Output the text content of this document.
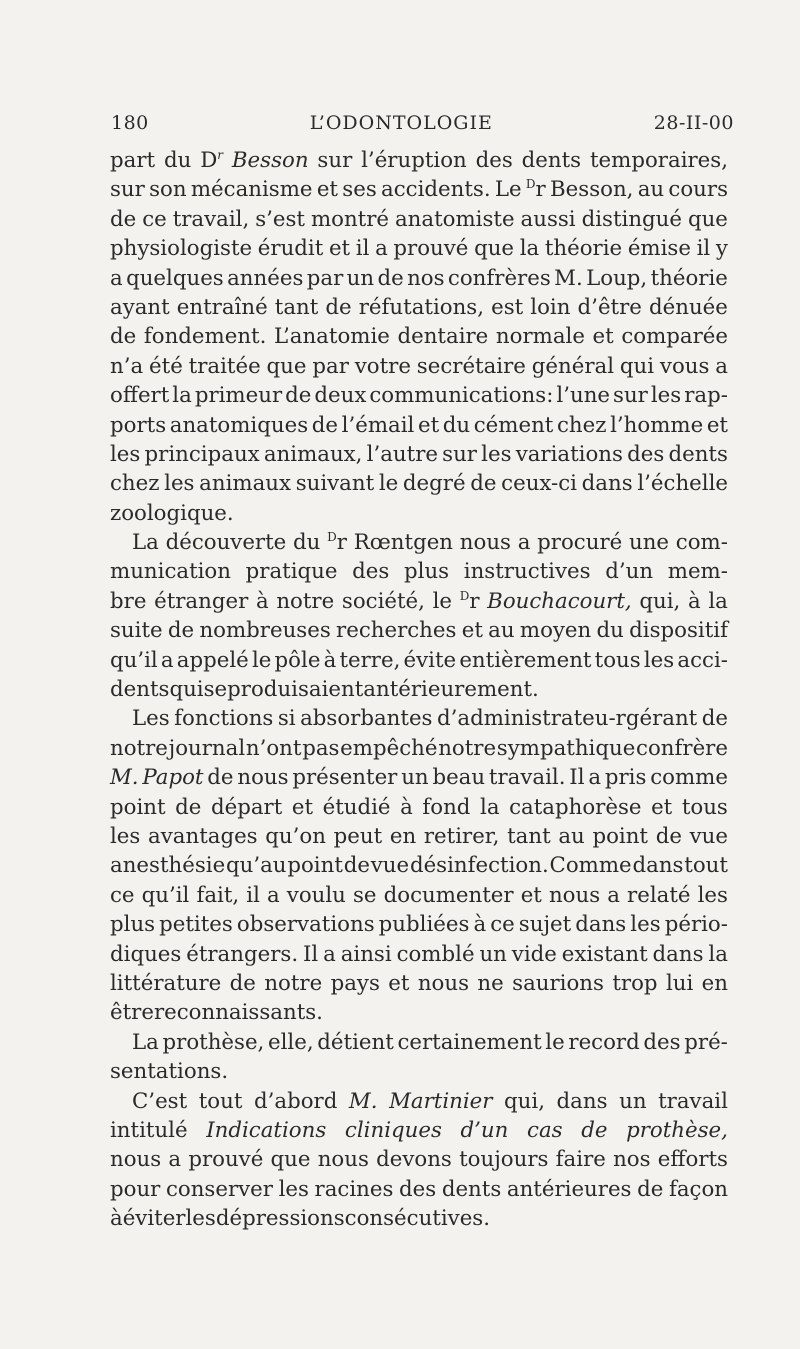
180	L’ODONTOLOGIE	28-II-00
part du $D^r$ Besson sur l’éruption des dents temporaires,
sur son mécanisme et ses accidents. Le $^D$r Besson, au cours
de ce travail, s’est montré anatomiste aussi distingué que
physiologiste érudit et il a prouvé que la théorie émise il y
a quelques années par un de nos confrères M. Loup, théorie
ayant entraîné tant de réfutations, est loin d’être dénuée
de fondement. L’anatomie dentaire normale et comparée
n’a été traitée que par votre secrétaire général qui vous a
offert la primeur de deux communications: l’une sur les rap-
ports anatomiques de l’émail et du cément chez l’homme et
les principaux animaux, l’autre sur les variations des dents
chez les animaux suivant le degré de ceux-ci dans l’échelle
zoologique.
La découverte du $^D$r Rœntgen nous a procuré une com-
munication pratique des plus instructives d’un mem-
bre étranger à notre société, le $^D$r Bouchacourt, qui, à la
suite de nombreuses recherches et au moyen du dispositif
qu’il a appelé le pôle à terre, évite entièrement tous les acci-
dents qui se produisaient antérieurement.
Les fonctions si absorbantes d’administrateu-rgérant de
notre journal n’ont pas empêché notre sympathique confrère
M. Papot de nous présenter un beau travail. Il a pris comme
point de départ et étudié à fond la cataphorèse et tous
les avantages qu’on peut en retirer, tant au point de vue
anesthésie qu’au point de vue désinfection. Comme dans tout
ce qu’il fait, il a voulu se documenter et nous a relaté les
plus petites observations publiées à ce sujet dans les pério-
diques étrangers. Il a ainsi comblé un vide existant dans la
littérature de notre pays et nous ne saurions trop lui en
être reconnaissants.
La prothèse, elle, détient certainement le record des pré-
sentations.
C’est tout d’abord M. Martinier qui, dans un travail
intitulé Indications cliniques d’un cas de prothèse,
nous a prouvé que nous devons toujours faire nos efforts
pour conserver les racines des dents antérieures de façon
à éviter les dépressions consécutives.
